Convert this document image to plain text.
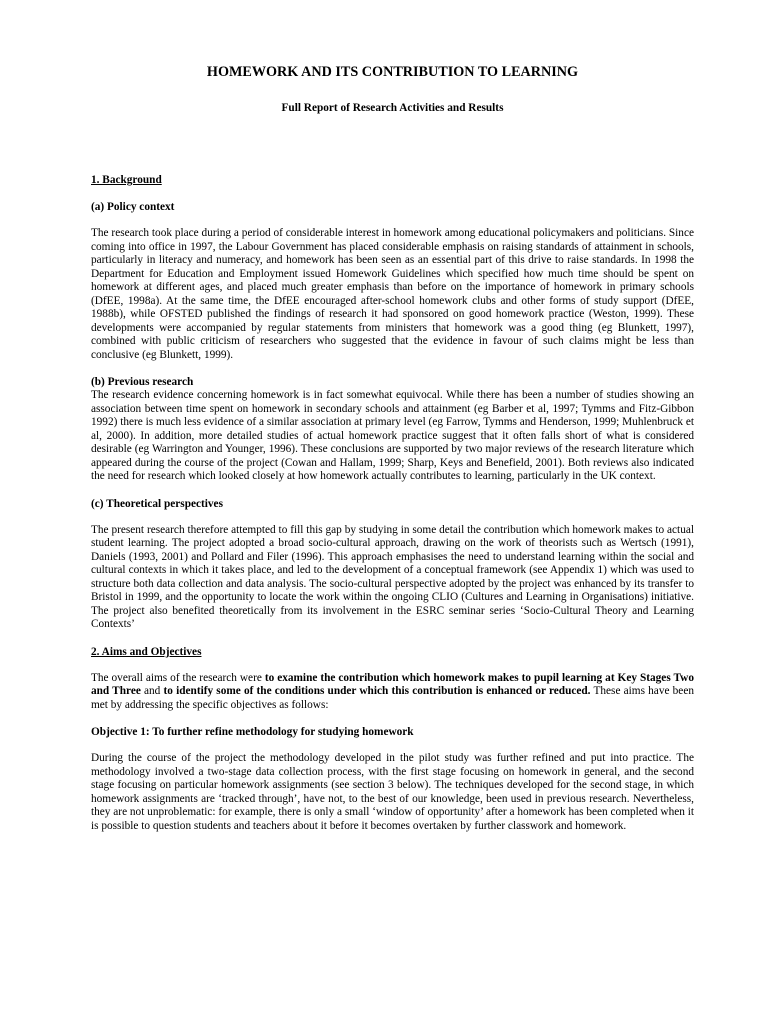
HOMEWORK AND ITS CONTRIBUTION TO LEARNING
Full Report of Research Activities and Results
1. Background
(a) Policy context

The research took place during a period of considerable interest in homework among educational policymakers and politicians. Since coming into office in 1997, the Labour Government has placed considerable emphasis on raising standards of attainment in schools, particularly in literacy and numeracy, and homework has been seen as an essential part of this drive to raise standards. In 1998 the Department for Education and Employment issued Homework Guidelines which specified how much time should be spent on homework at different ages, and placed much greater emphasis than before on the importance of homework in primary schools (DfEE, 1998a). At the same time, the DfEE encouraged after-school homework clubs and other forms of study support (DfEE, 1988b), while OFSTED published the findings of research it had sponsored on good homework practice (Weston, 1999). These developments were accompanied by regular statements from ministers that homework was a good thing (eg Blunkett, 1997), combined with public criticism of researchers who suggested that the evidence in favour of such claims might be less than conclusive (eg Blunkett, 1999).

(b) Previous research

The research evidence concerning homework is in fact somewhat equivocal. While there has been a number of studies showing an association between time spent on homework in secondary schools and attainment (eg Barber et al, 1997; Tymms and Fitz-Gibbon 1992) there is much less evidence of a similar association at primary level (eg Farrow, Tymms and Henderson, 1999; Muhlenbruck et al, 2000). In addition, more detailed studies of actual homework practice suggest that it often falls short of what is considered desirable (eg Warrington and Younger, 1996). These conclusions are supported by two major reviews of the research literature which appeared during the course of the project (Cowan and Hallam, 1999; Sharp, Keys and Benefield, 2001). Both reviews also indicated the need for research which looked closely at how homework actually contributes to learning, particularly in the UK context.

(c) Theoretical perspectives

The present research therefore attempted to fill this gap by studying in some detail the contribution which homework makes to actual student learning. The project adopted a broad socio-cultural approach, drawing on the work of theorists such as Wertsch (1991), Daniels (1993, 2001) and Pollard and Filer (1996). This approach emphasises the need to understand learning within the social and cultural contexts in which it takes place, and led to the development of a conceptual framework (see Appendix 1) which was used to structure both data collection and data analysis. The socio-cultural perspective adopted by the project was enhanced by its transfer to Bristol in 1999, and the opportunity to locate the work within the ongoing CLIO (Cultures and Learning in Organisations) initiative. The project also benefited theoretically from its involvement in the ESRC seminar series ‘Socio-Cultural Theory and Learning Contexts’

2. Aims and Objectives

The overall aims of the research were to examine the contribution which homework makes to pupil learning at Key Stages Two and Three and to identify some of the conditions under which this contribution is enhanced or reduced. These aims have been met by addressing the specific objectives as follows:

Objective 1: To further refine methodology for studying homework

During the course of the project the methodology developed in the pilot study was further refined and put into practice. The methodology involved a two-stage data collection process, with the first stage focusing on homework in general, and the second stage focusing on particular homework assignments (see section 3 below). The techniques developed for the second stage, in which homework assignments are ‘tracked through’, have not, to the best of our knowledge, been used in previous research. Nevertheless, they are not unproblematic: for example, there is only a small ‘window of opportunity’ after a homework has been completed when it is possible to question students and teachers about it before it becomes overtaken by further classwork and homework.
